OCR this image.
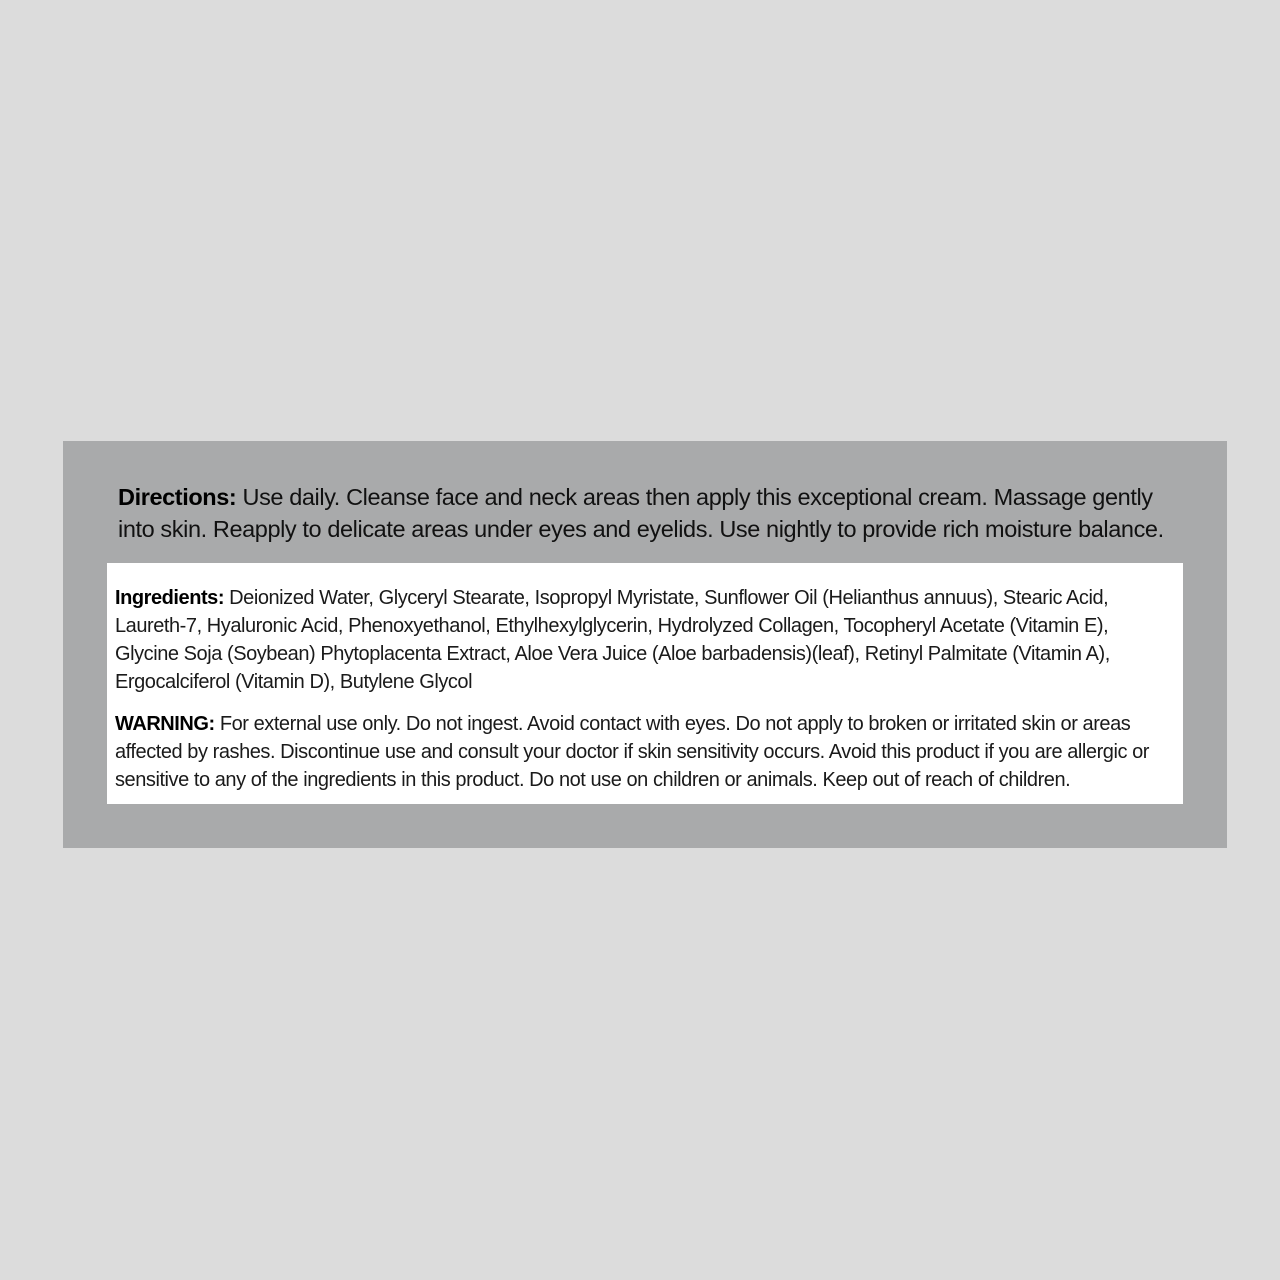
Directions: Use daily. Cleanse face and neck areas then apply this exceptional cream. Massage gently into skin. Reapply to delicate areas under eyes and eyelids. Use nightly to provide rich moisture balance.

Ingredients: Deionized Water, Glyceryl Stearate, Isopropyl Myristate, Sunflower Oil (Helianthus annuus), Stearic Acid, Laureth-7, Hyaluronic Acid, Phenoxyethanol, Ethylhexylglycerin, Hydrolyzed Collagen, Tocopheryl Acetate (Vitamin E), Glycine Soja (Soybean) Phytoplacenta Extract, Aloe Vera Juice (Aloe barbadensis)(leaf), Retinyl Palmitate (Vitamin A), Ergocalciferol (Vitamin D), Butylene Glycol

WARNING: For external use only. Do not ingest. Avoid contact with eyes. Do not apply to broken or irritated skin or areas affected by rashes. Discontinue use and consult your doctor if skin sensitivity occurs. Avoid this product if you are allergic or sensitive to any of the ingredients in this product. Do not use on children or animals. Keep out of reach of children.
